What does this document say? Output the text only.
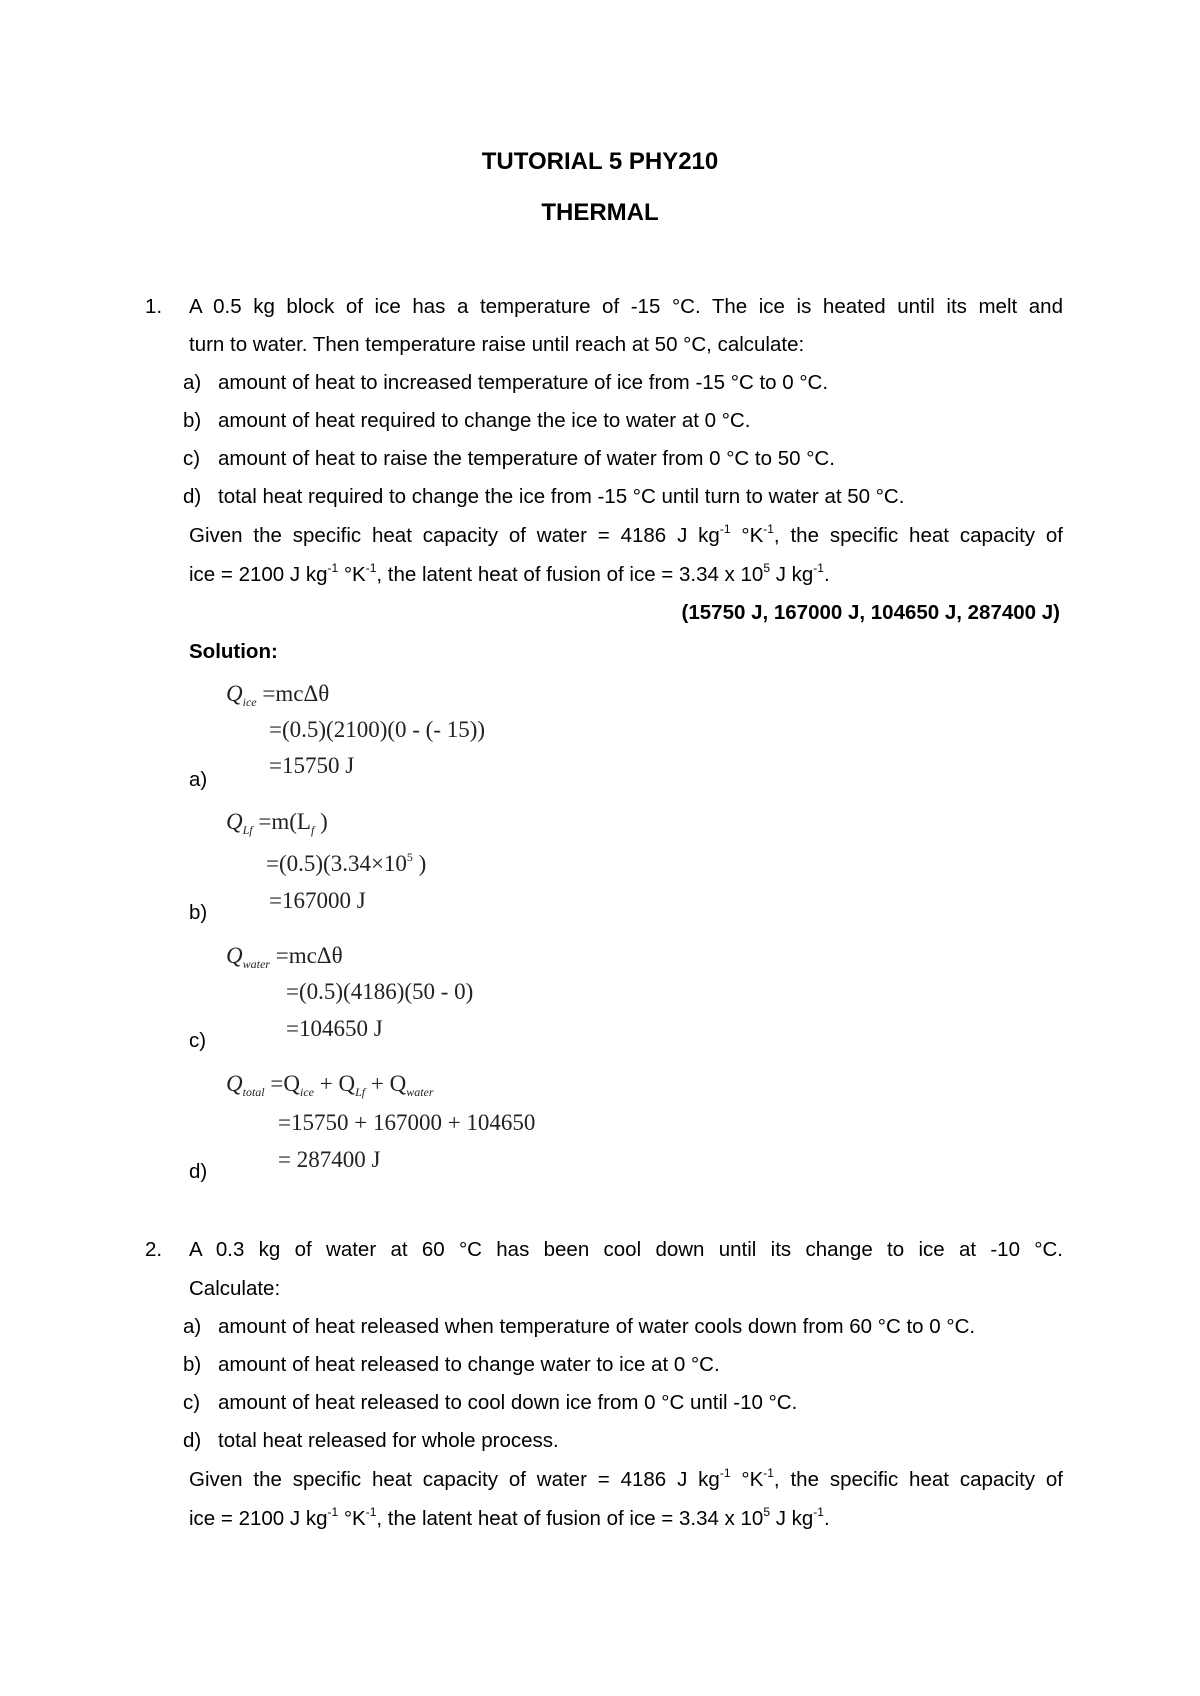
TUTORIAL 5 PHY210
THERMAL
1. A 0.5 kg block of ice has a temperature of -15 °C. The ice is heated until its melt and
turn to water. Then temperature raise until reach at 50 °C, calculate:
a) amount of heat to increased temperature of ice from -15 °C to 0 °C.
b) amount of heat required to change the ice to water at 0 °C.
c) amount of heat to raise the temperature of water from 0 °C to 50 °C.
d) total heat required to change the ice from -15 °C until turn to water at 50 °C.
Given the specific heat capacity of water = 4186 J $kg^{-1}$ $^\circ K^{-1}$, the specific heat capacity of
ice = 2100 J $kg^{-1}$ $^\circ K^{-1}$, the latent heat of fusion of ice = 3.34 x $10^5$ J $kg^{-1}$.
(15750 J, 167000 J, 104650 J, 287400 J)
Solution:
$Q_{ice} =mc\Delta\theta$
=(0.5)(2100)(0 - (- 15))
=15750 J
a)
$Q_{Lf} =m(L_f$ )
$=(0.5)(3.34\times 10^5$ )
=167000 J
b)
$Q_{water} =mc\Delta\theta$
=(0.5)(4186)(50 - 0)
=104650 J
c)
$Q_{total} =Q_{ice} + Q_{Lf} + Q_{water}$
=15750 + 167000 + 104650
= 287400 J
d)
2. A 0.3 kg of water at 60 °C has been cool down until its change to ice at -10 °C.
Calculate:
a) amount of heat released when temperature of water cools down from 60 °C to 0 °C.
b) amount of heat released to change water to ice at 0 °C.
c) amount of heat released to cool down ice from 0 °C until -10 °C.
d) total heat released for whole process.
Given the specific heat capacity of water = 4186 J $kg^{-1}$ $^\circ K^{-1}$, the specific heat capacity of
ice = 2100 J $kg^{-1}$ $^\circ K^{-1}$, the latent heat of fusion of ice = 3.34 x $10^5$ J $kg^{-1}$.
